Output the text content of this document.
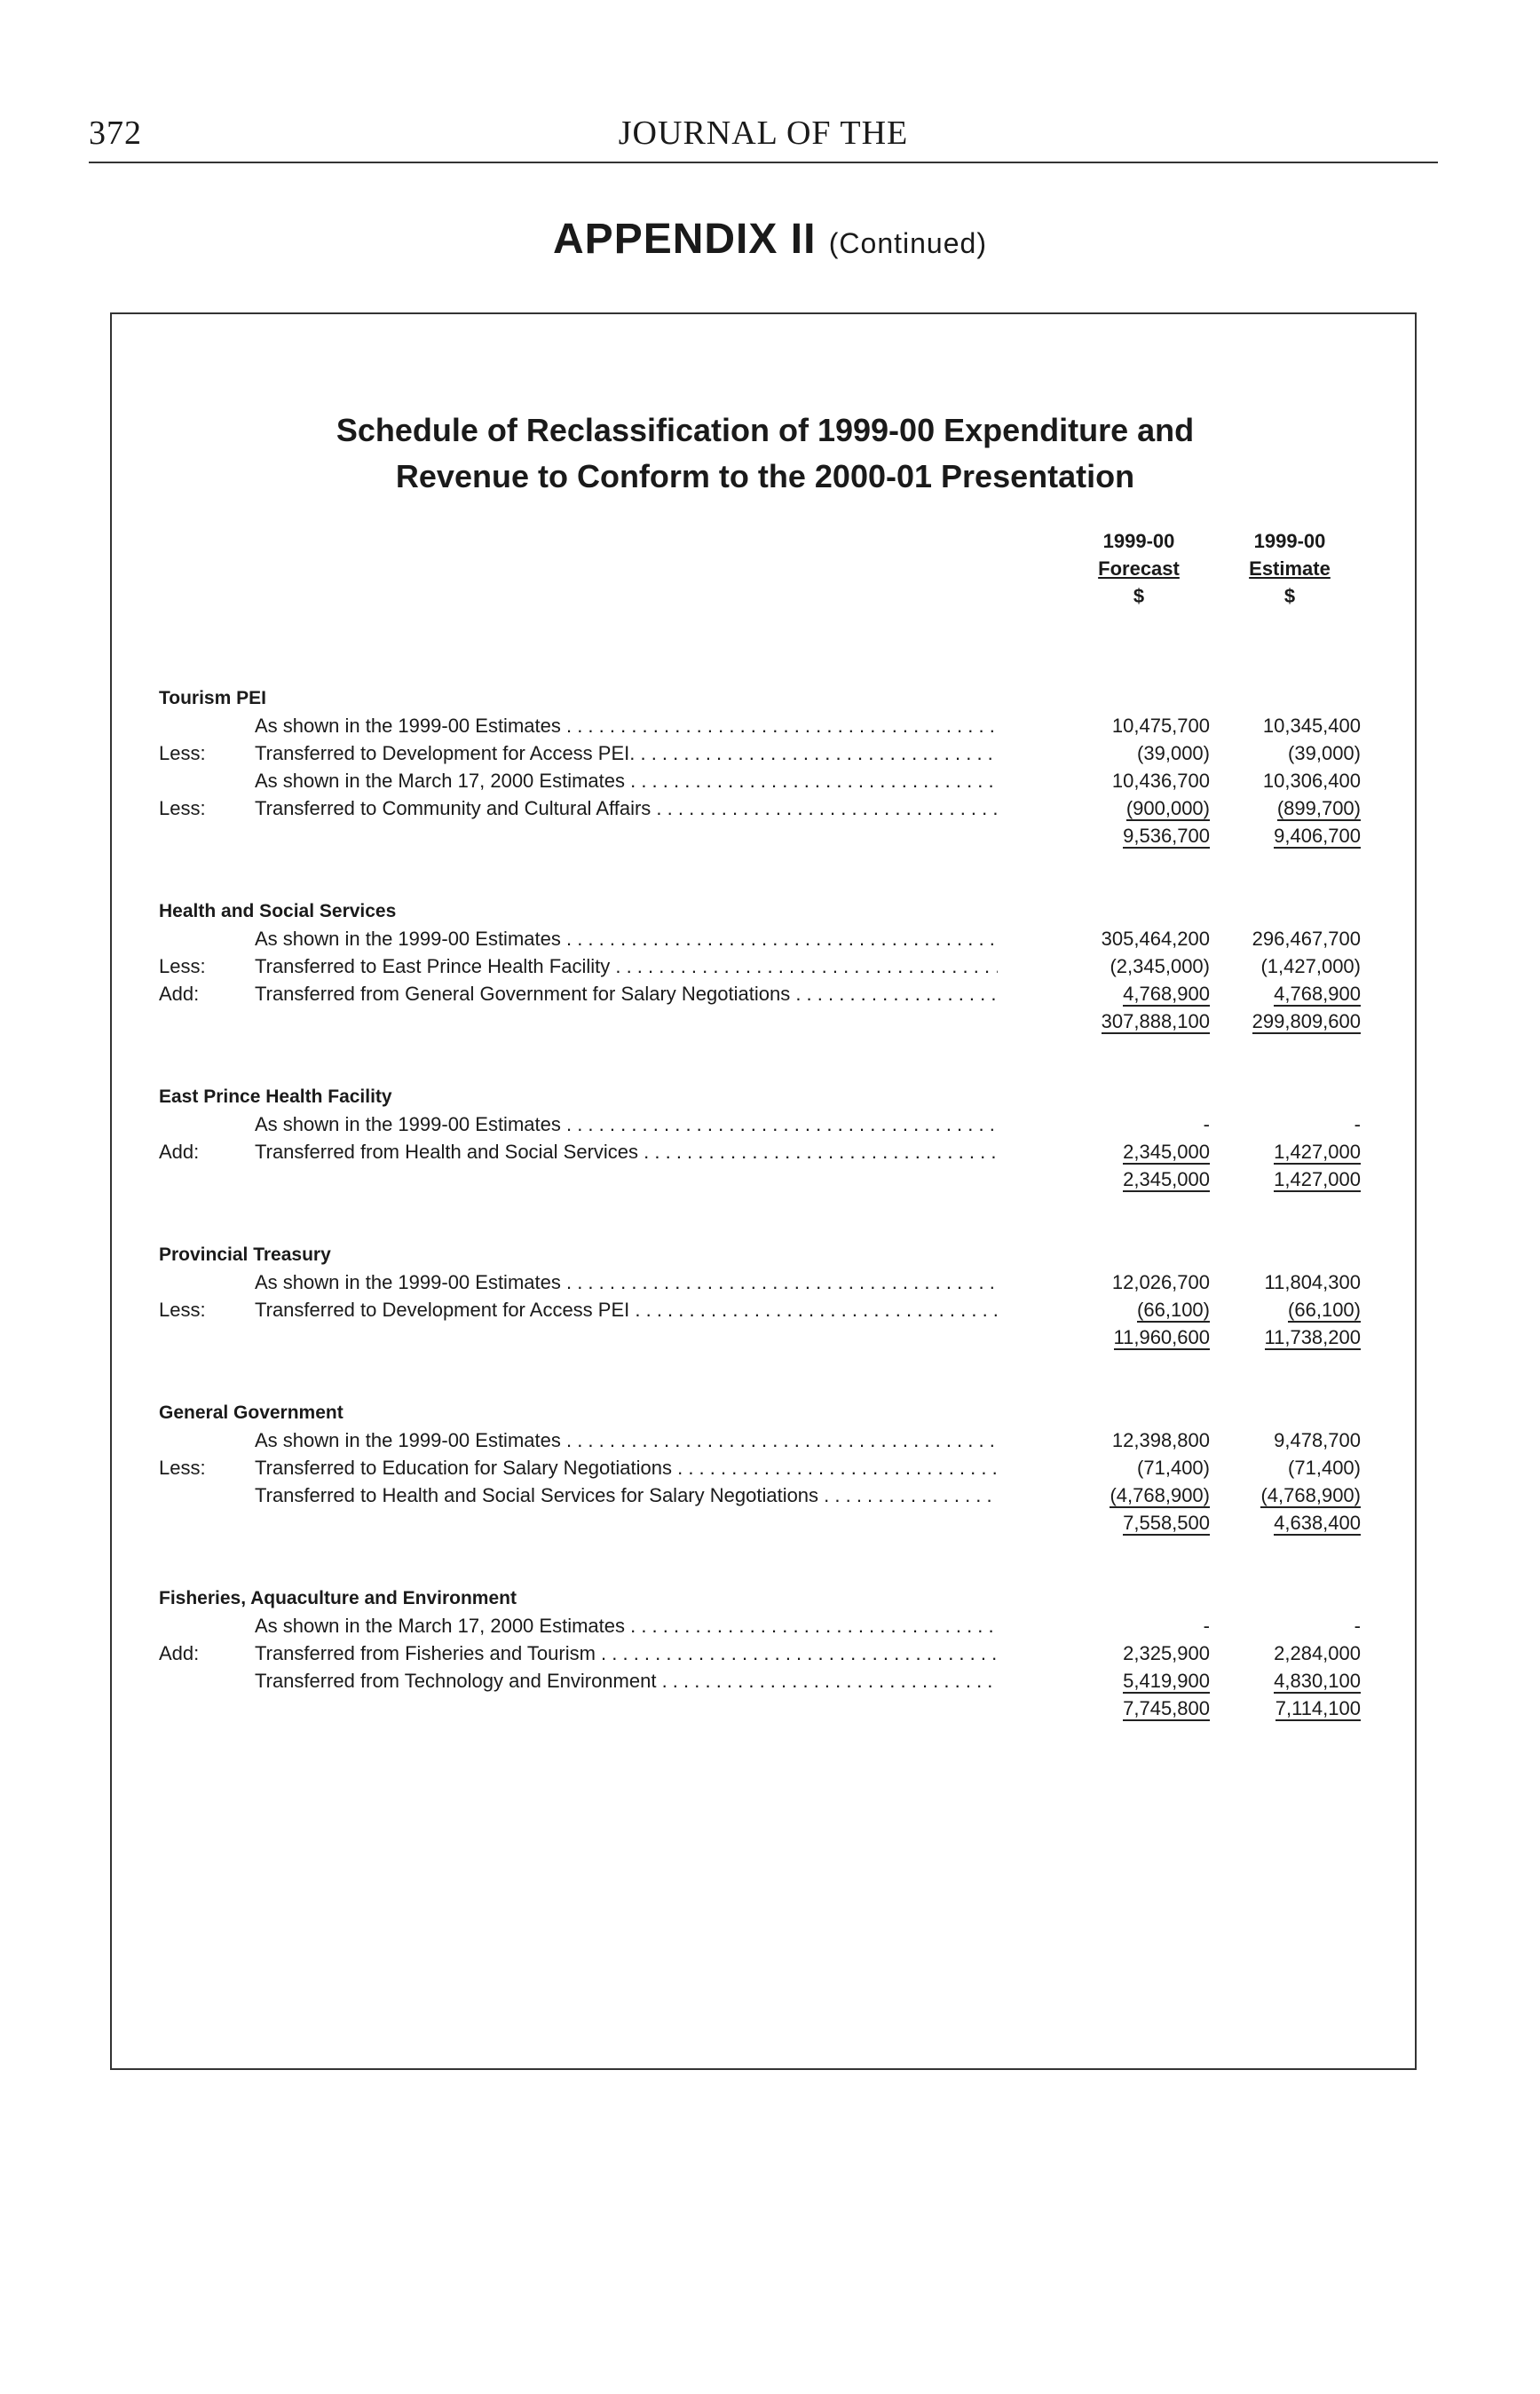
372	JOURNAL OF THE
APPENDIX II (Continued)
Schedule of Reclassification of 1999-00 Expenditure and
Revenue to Conform to the 2000-01 Presentation
1999-00
Forecast
$
1999-00
Estimate
$
Tourism PEI
As shown in the 1999-00 Estimates . . .	10,475,700	10,345,400
Less:	Transferred to Development for Access PEI. . . .	(39,000)	(39,000)
As shown in the March 17, 2000 Estimates . . .	10,436,700	10,306,400
Less:	Transferred to Community and Cultural Affairs . . .	(900,000)	(899,700)
9,536,700	9,406,700
Health and Social Services
As shown in the 1999-00 Estimates . . .	305,464,200	296,467,700
Less:	Transferred to East Prince Health Facility . . .	(2,345,000)	(1,427,000)
Add:	Transferred from General Government for Salary Negotiations . . .	4,768,900	4,768,900
307,888,100	299,809,600
East Prince Health Facility
As shown in the 1999-00 Estimates . . .	-	-
Add:	Transferred from Health and Social Services . . .	2,345,000	1,427,000
2,345,000	1,427,000
Provincial Treasury
As shown in the 1999-00 Estimates . . .	12,026,700	11,804,300
Less:	Transferred to Development for Access PEI . . .	(66,100)	(66,100)
11,960,600	11,738,200
General Government
As shown in the 1999-00 Estimates . . .	12,398,800	9,478,700
Less:	Transferred to Education for Salary Negotiations . . .	(71,400)	(71,400)
Transferred to Health and Social Services for Salary Negotiations . . .	(4,768,900)	(4,768,900)
7,558,500	4,638,400
Fisheries, Aquaculture and Environment
As shown in the March 17, 2000 Estimates . . .	-	-
Add:	Transferred from Fisheries and Tourism . . .	2,325,900	2,284,000
Transferred from Technology and Environment . . .	5,419,900	4,830,100
7,745,800	7,114,100
